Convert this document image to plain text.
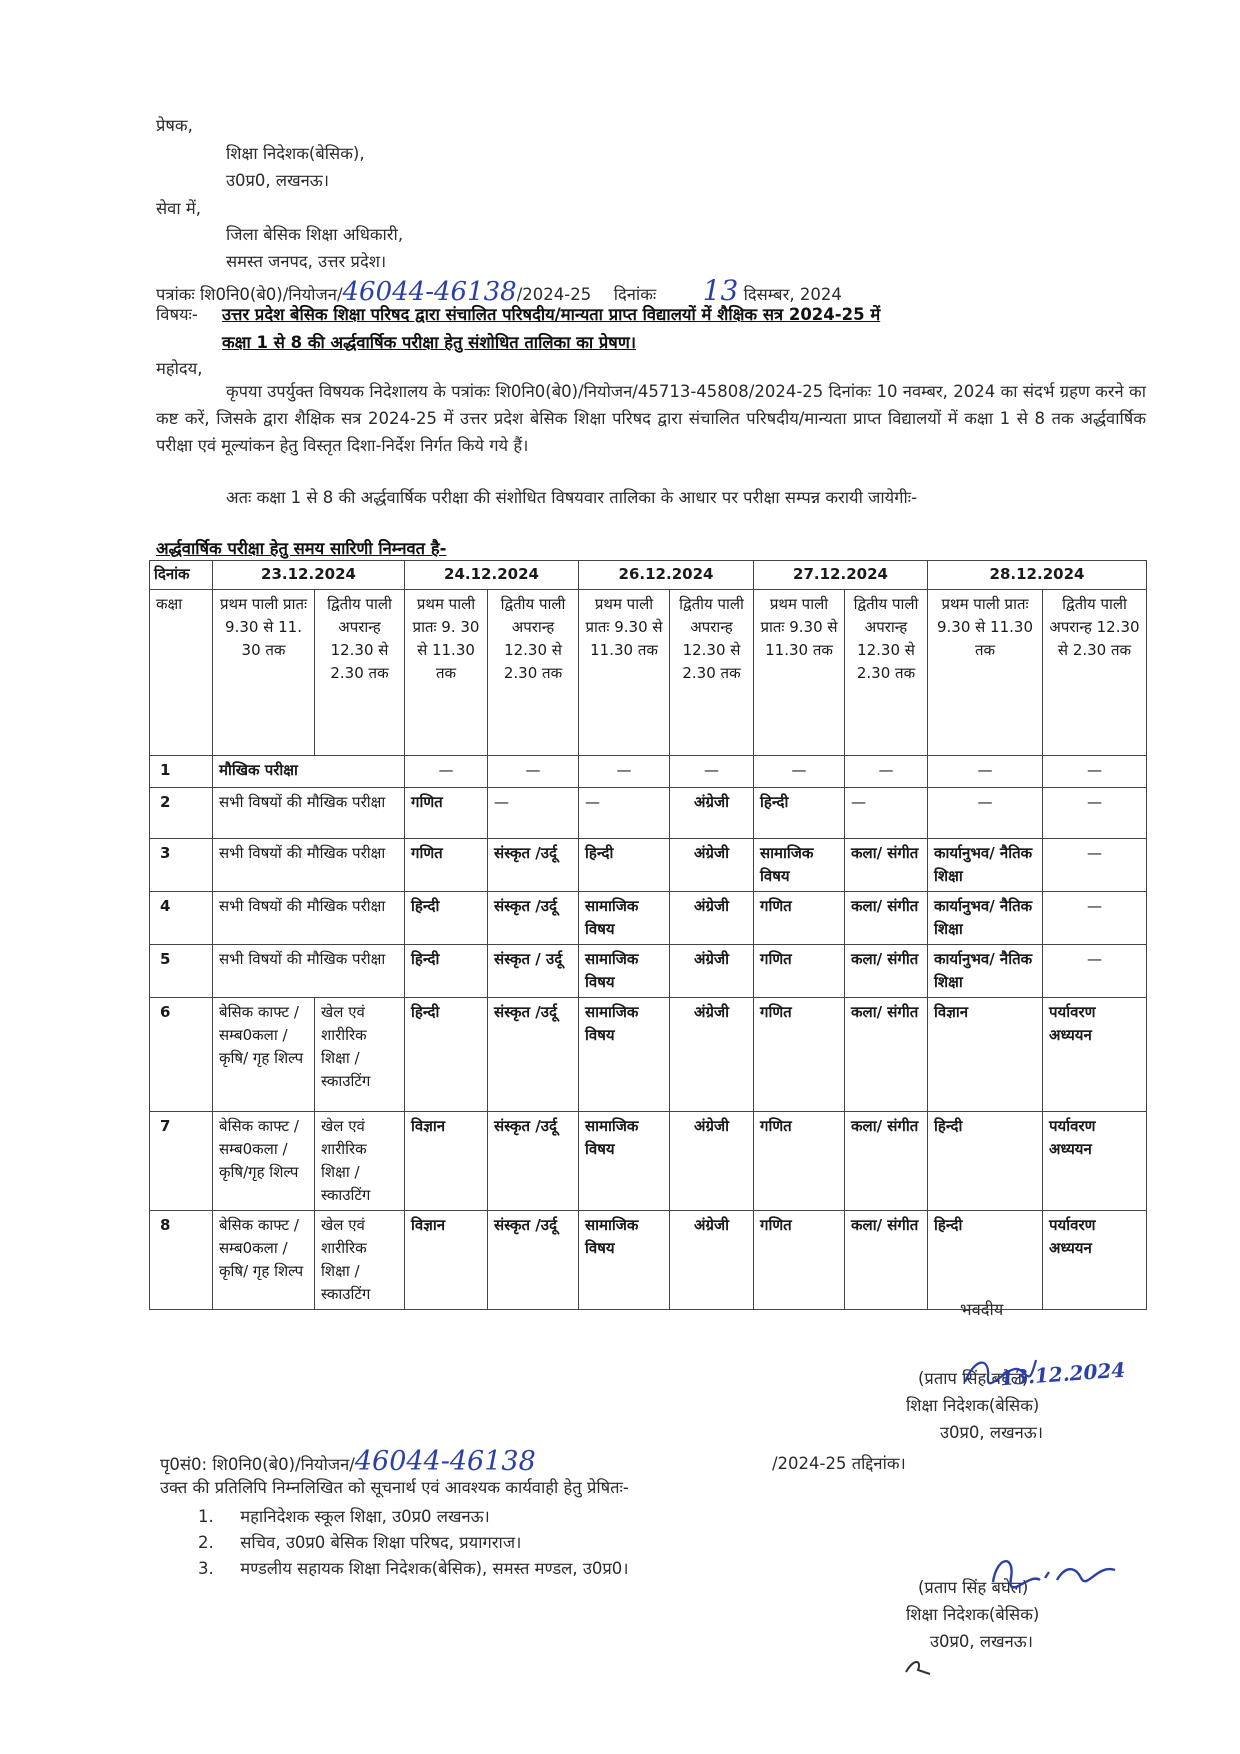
प्रेषक,
शिक्षा निदेशक(बेसिक),
उ0प्र0, लखनऊ।
सेवा में,
जिला बेसिक शिक्षा अधिकारी,
समस्त जनपद, उत्तर प्रदेश।
पत्रांकः शि0नि0(बे0)/नियोजन/46044-46138/2024-25 दिनांकः 13 दिसम्बर, 2024
विषयः- उत्तर प्रदेश बेसिक शिक्षा परिषद द्वारा संचालित परिषदीय/मान्यता प्राप्त विद्यालयों में शैक्षिक सत्र 2024-25 में
कक्षा 1 से 8 की अर्द्धवार्षिक परीक्षा हेतु संशोधित तालिका का प्रेषण।
महोदय,
कृपया उपर्युक्त विषयक निदेशालय के पत्रांकः शि0नि0(बे0)/नियोजन/45713-45808/2024-25 दिनांकः 10 नवम्बर, 2024 का संदर्भ ग्रहण करने का कष्ट करें, जिसके द्वारा शैक्षिक सत्र 2024-25 में उत्तर प्रदेश बेसिक शिक्षा परिषद द्वारा संचालित परिषदीय/मान्यता प्राप्त विद्यालयों में कक्षा 1 से 8 तक अर्द्धवार्षिक परीक्षा एवं मूल्यांकन हेतु विस्तृत दिशा-निर्देश निर्गत किये गये हैं।
अतः कक्षा 1 से 8 की अर्द्धवार्षिक परीक्षा की संशोधित विषयवार तालिका के आधार पर परीक्षा सम्पन्न करायी जायेगीः-
अर्द्धवार्षिक परीक्षा हेतु समय सारिणी निम्नवत है-
दिनांक	23.12.2024		24.12.2024		26.12.2024		27.12.2024		28.12.2024	
कक्षा	प्रथम पाली प्रातः 9.30 से 11. 30 तक	द्वितीय पाली अपरान्ह 12.30 से 2.30 तक	प्रथम पाली प्रातः 9. 30 से 11.30 तक	द्वितीय पाली अपरान्ह 12.30 से 2.30 तक	प्रथम पाली प्रातः 9.30 से 11.30 तक	द्वितीय पाली अपरान्ह 12.30 से 2.30 तक	प्रथम पाली प्रातः 9.30 से 11.30 तक	द्वितीय पाली अपरान्ह 12.30 से 2.30 तक	प्रथम पाली प्रातः 9.30 से 11.30 तक	द्वितीय पाली अपरान्ह 12.30 से 2.30 तक
1	मौखिक परीक्षा		—	—	—	—	—	—	—	—
2	सभी विषयों की मौखिक परीक्षा		गणित	—	—	अंग्रेजी	हिन्दी	—	—	—
3	सभी विषयों की मौखिक परीक्षा		गणित	संस्कृत /उर्दू	हिन्दी	अंग्रेजी	सामाजिक विषय	कला/ संगीत	कार्यानुभव/ नैतिक शिक्षा	—
4	सभी विषयों की मौखिक परीक्षा		हिन्दी	संस्कृत /उर्दू	सामाजिक विषय	अंग्रेजी	गणित	कला/ संगीत	कार्यानुभव/ नैतिक शिक्षा	—
5	सभी विषयों की मौखिक परीक्षा		हिन्दी	संस्कृत / उर्दू	सामाजिक विषय	अंग्रेजी	गणित	कला/ संगीत	कार्यानुभव/ नैतिक शिक्षा	—
6	बेसिक काफ्ट /सम्ब0कला /कृषि/ गृह शिल्प	खेल एवं शारीरिक शिक्षा / स्काउटिंग	हिन्दी	संस्कृत /उर्दू	सामाजिक विषय	अंग्रेजी	गणित	कला/ संगीत	विज्ञान	पर्यावरण अध्ययन
7	बेसिक काफ्ट /सम्ब0कला /कृषि/गृह शिल्प	खेल एवं शारीरिक शिक्षा / स्काउटिंग	विज्ञान	संस्कृत /उर्दू	सामाजिक विषय	अंग्रेजी	गणित	कला/ संगीत	हिन्दी	पर्यावरण अध्ययन
8	बेसिक काफ्ट /सम्ब0कला /कृषि/ गृह शिल्प	खेल एवं शारीरिक शिक्षा / स्काउटिंग	विज्ञान	संस्कृत /उर्दू	सामाजिक विषय	अंग्रेजी	गणित	कला/ संगीत	हिन्दी	पर्यावरण अध्ययन
भवदीय
(प्रताप सिंह बघेल)
शिक्षा निदेशक(बेसिक)
उ0प्र0, लखनऊ।
13.12.2024
पृ0सं0: शि0नि0(बे0)/नियोजन/46044-46138	/2024-25 तद्दिनांक।
उक्त की प्रतिलिपि निम्नलिखित को सूचनार्थ एवं आवश्यक कार्यवाही हेतु प्रेषितः-
1. महानिदेशक स्कूल शिक्षा, उ0प्र0 लखनऊ।
2. सचिव, उ0प्र0 बेसिक शिक्षा परिषद, प्रयागराज।
3. मण्डलीय सहायक शिक्षा निदेशक(बेसिक), समस्त मण्डल, उ0प्र0।
(प्रताप सिंह बघेल)
शिक्षा निदेशक(बेसिक)
उ0प्र0, लखनऊ।
